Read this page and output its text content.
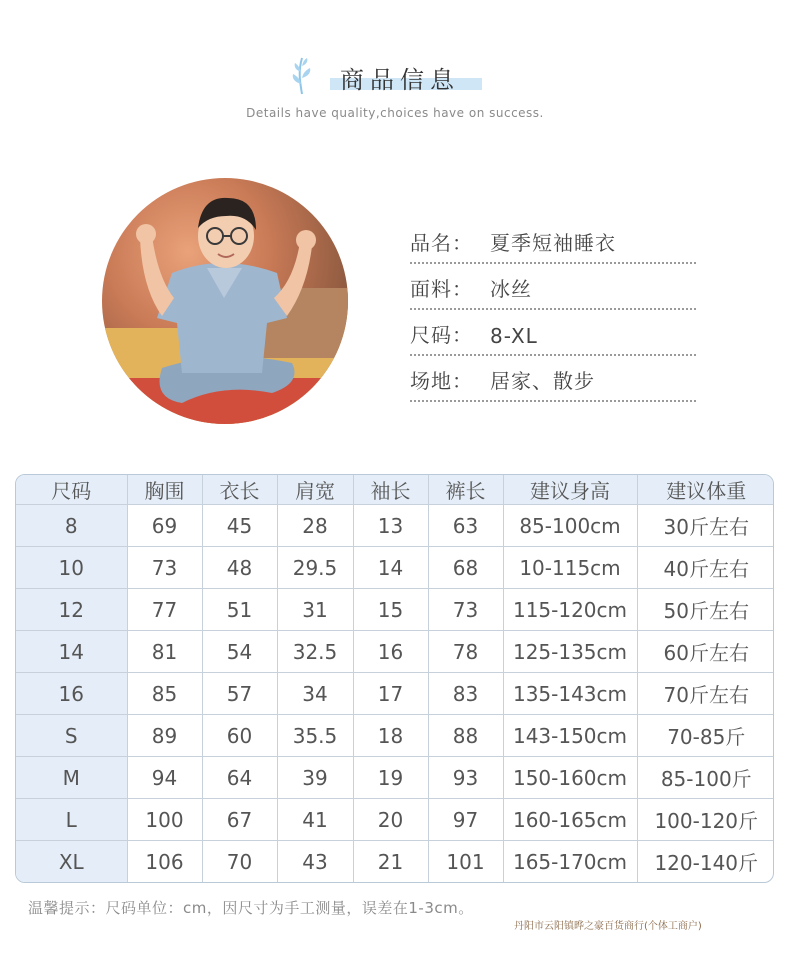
商品信息
Details have quality,choices have on success.
品名： 夏季短袖睡衣
面料： 冰丝
尺码： 8-XL
场地： 居家、散步
尺码	胸围	衣长	肩宽	袖长	裤长	建议身高	建议体重
8	69	45	28	13	63	85-100cm	30斤左右
10	73	48	29.5	14	68	10-115cm	40斤左右
12	77	51	31	15	73	115-120cm	50斤左右
14	81	54	32.5	16	78	125-135cm	60斤左右
16	85	57	34	17	83	135-143cm	70斤左右
S	89	60	35.5	18	88	143-150cm	70-85斤
M	94	64	39	19	93	150-160cm	85-100斤
L	100	67	41	20	97	160-165cm	100-120斤
XL	106	70	43	21	101	165-170cm	120-140斤
温馨提示：尺码单位：cm，因尺寸为手工测量，误差在1-3cm。
丹阳市云阳镇晔之豪百货商行(个体工商户)
